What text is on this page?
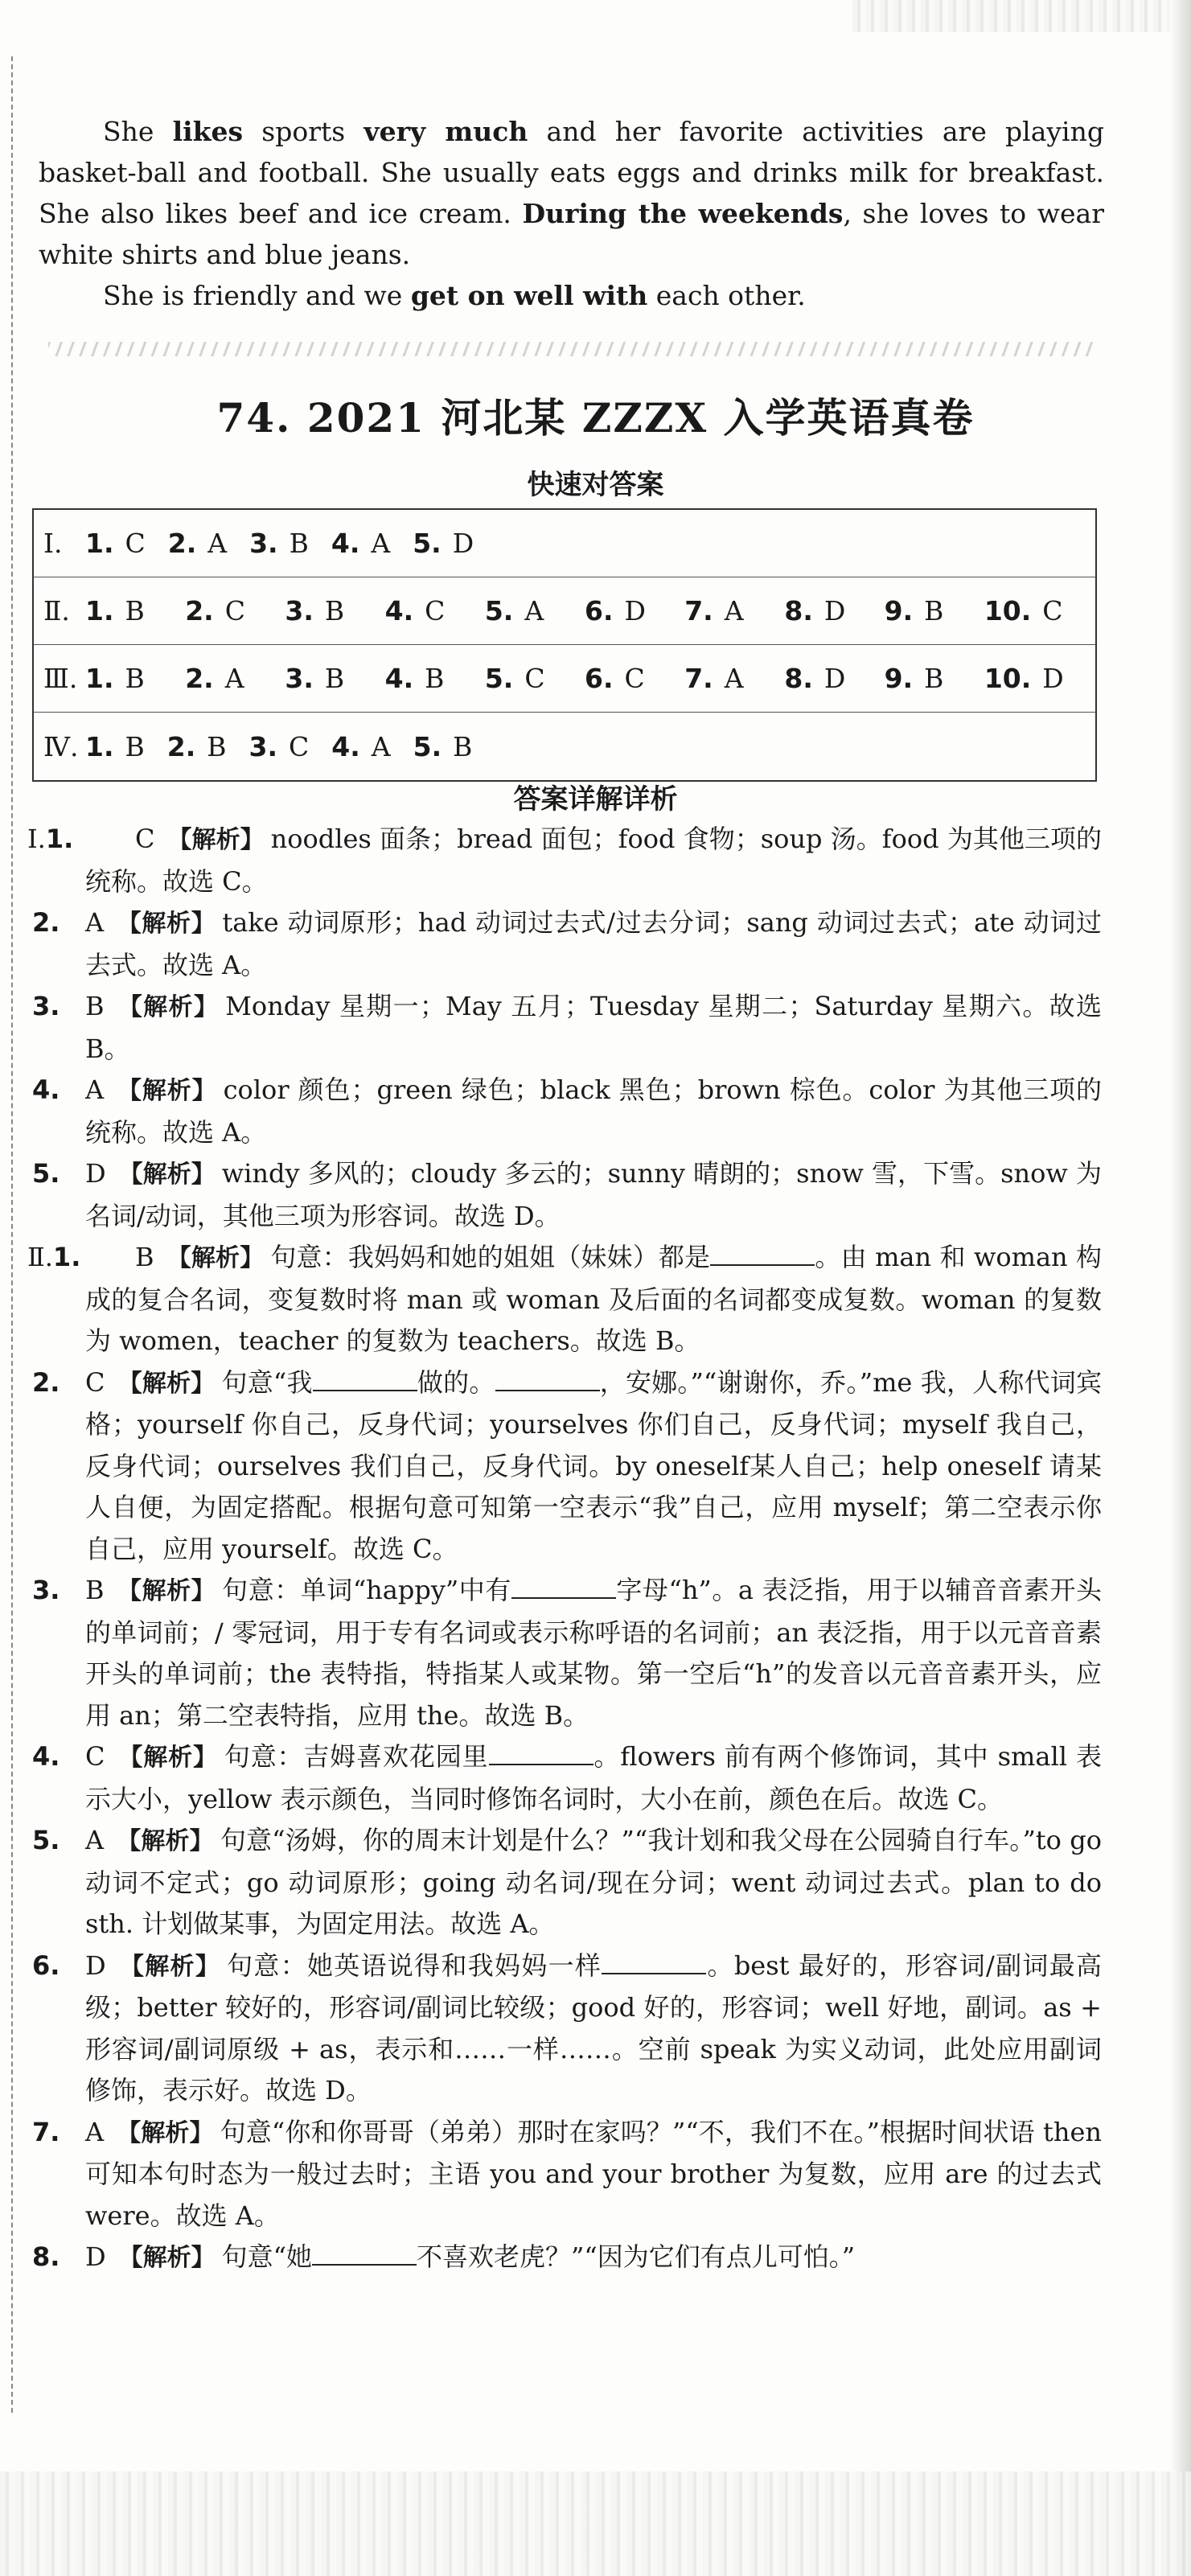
She likes sports very much and her favorite activities are playing basket-ball and football. She usually eats eggs and drinks milk for breakfast. She also likes beef and ice cream. During the weekends, she loves to wear white shirts and blue jeans.

She is friendly and we get on well with each other.

74. 2021 河北某 ZZZX 入学英语真卷
快速对答案
Ⅰ. 1. C 2. A 3. B 4. A 5. D
Ⅱ. 1. B 2. C 3. B 4. C 5. A 6. D 7. A 8. D 9. B 10. C
Ⅲ. 1. B 2. A 3. B 4. B 5. C 6. C 7. A 8. D 9. B 10. D
Ⅳ. 1. B 2. B 3. C 4. A 5. B
答案详解详析
Ⅰ.1. C 【解析】 noodles 面条；bread 面包；food 食物；soup 汤。food 为其他三项的统称。故选 C。
2. A 【解析】 take 动词原形；had 动词过去式/过去分词；sang 动词过去式；ate 动词过去式。故选 A。
3. B 【解析】 Monday 星期一；May 五月；Tuesday 星期二；Saturday 星期六。故选 B。
4. A 【解析】 color 颜色；green 绿色；black 黑色；brown 棕色。color 为其他三项的统称。故选 A。
5. D 【解析】 windy 多风的；cloudy 多云的；sunny 晴朗的；snow 雪，下雪。snow 为名词/动词，其他三项为形容词。故选 D。
Ⅱ.1. B 【解析】 句意：我妈妈和她的姐姐（妹妹）都是	。由 man 和 woman 构成的复合名词，变复数时将 man 或 woman 及后面的名词都变成复数。woman 的复数为 women，teacher 的复数为 teachers。故选 B。
2. C 【解析】 句意“我	做的。	，安娜。”“谢谢你，乔。”me 我，人称代词宾格；yourself 你自己，反身代词；yourselves 你们自己，反身代词；myself 我自己，反身代词；ourselves 我们自己，反身代词。by oneself某人自己；help oneself 请某人自便，为固定搭配。根据句意可知第一空表示“我”自己，应用 myself；第二空表示你自己，应用 yourself。故选 C。
3. B 【解析】 句意：单词“happy”中有	字母“h”。a 表泛指，用于以辅音音素开头的单词前；/ 零冠词，用于专有名词或表示称呼语的名词前；an 表泛指，用于以元音音素开头的单词前；the 表特指，特指某人或某物。第一空后“h”的发音以元音音素开头，应用 an；第二空表特指，应用 the。故选 B。
4. C 【解析】 句意：吉姆喜欢花园里	。flowers 前有两个修饰词，其中 small 表示大小，yellow 表示颜色，当同时修饰名词时，大小在前，颜色在后。故选 C。
5. A 【解析】 句意“汤姆，你的周末计划是什么？”“我计划和我父母在公园骑自行车。”to go 动词不定式；go 动词原形；going 动名词/现在分词；went 动词过去式。plan to do sth. 计划做某事，为固定用法。故选 A。
6. D 【解析】 句意：她英语说得和我妈妈一样	。best 最好的，形容词/副词最高级；better 较好的，形容词/副词比较级；good 好的，形容词；well 好地，副词。as + 形容词/副词原级 + as，表示和……一样……。空前 speak 为实义动词，此处应用副词修饰，表示好。故选 D。
7. A 【解析】 句意“你和你哥哥（弟弟）那时在家吗？”“不，我们不在。”根据时间状语 then 可知本句时态为一般过去时；主语 you and your brother 为复数，应用 are 的过去式 were。故选 A。
8. D 【解析】 句意“她	不喜欢老虎？”“因为它们有点儿可怕。”
